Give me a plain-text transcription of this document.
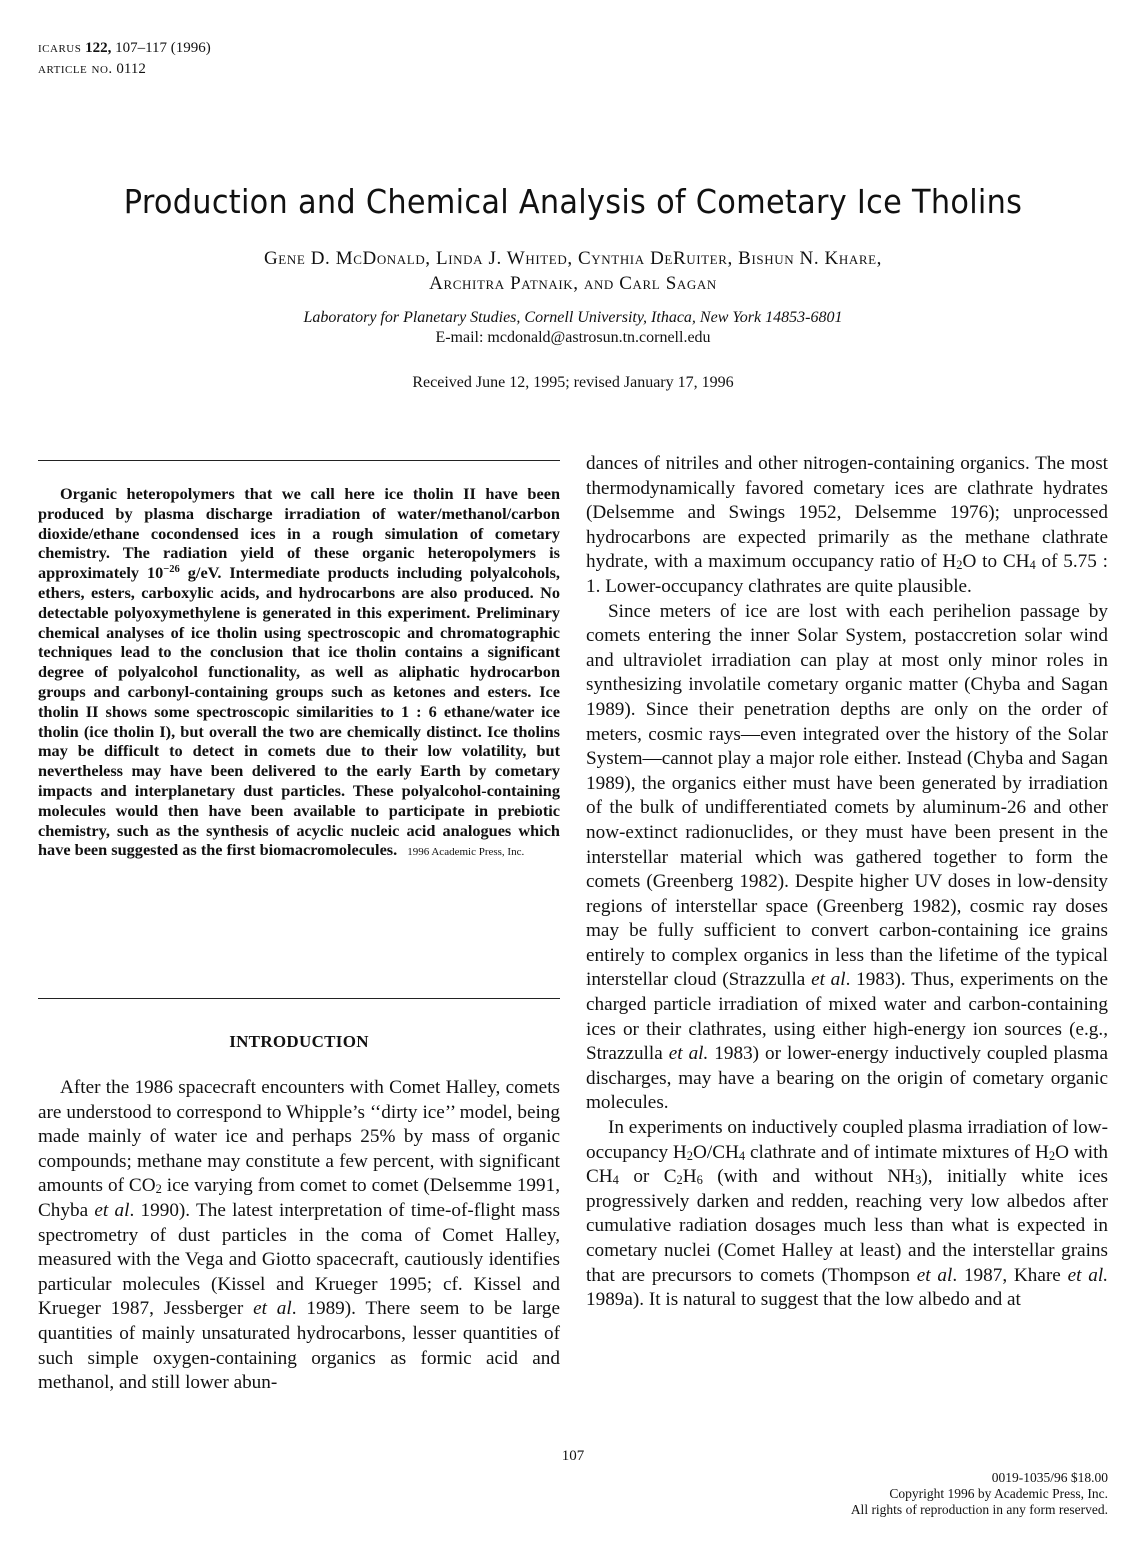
icarus 122, 107–117 (1996)
article no. 0112
Production and Chemical Analysis of Cometary Ice Tholins
Gene D. McDonald, Linda J. Whited, Cynthia DeRuiter, Bishun N. Khare,
Architra Patnaik, and Carl Sagan
Laboratory for Planetary Studies, Cornell University, Ithaca, New York 14853-6801
E-mail: mcdonald@astrosun.tn.cornell.edu
Received June 12, 1995; revised January 17, 1996

Organic heteropolymers that we call here ice tholin II have been produced by plasma discharge irradiation of water/methanol/carbon dioxide/ethane cocondensed ices in a rough simulation of cometary chemistry. The radiation yield of these organic heteropolymers is approximately $10^{-26}$ g/eV. Intermediate products including polyalcohols, ethers, esters, carboxylic acids, and hydrocarbons are also produced. No detectable polyoxymethylene is generated in this experiment. Preliminary chemical analyses of ice tholin using spectroscopic and chromatographic techniques lead to the conclusion that ice tholin contains a significant degree of polyalcohol functionality, as well as aliphatic hydrocarbon groups and carbonyl-containing groups such as ketones and esters. Ice tholin II shows some spectroscopic similarities to 1 : 6 ethane/water ice tholin (ice tholin I), but overall the two are chemically distinct. Ice tholins may be difficult to detect in comets due to their low volatility, but nevertheless may have been delivered to the early Earth by cometary impacts and interplanetary dust particles. These polyalcohol-containing molecules would then have been available to participate in prebiotic chemistry, such as the synthesis of acyclic nucleic acid analogues which have been suggested as the first biomacromolecules. 1996 Academic Press, Inc.

INTRODUCTION

After the 1986 spacecraft encounters with Comet Halley, comets are understood to correspond to Whipple’s ‘‘dirty ice’’ model, being made mainly of water ice and perhaps 25% by mass of organic compounds; methane may constitute a few percent, with significant amounts of $CO_2$ ice varying from comet to comet (Delsemme 1991, Chyba et al. 1990). The latest interpretation of time-of-flight mass spectrometry of dust particles in the coma of Comet Halley, measured with the Vega and Giotto spacecraft, cautiously identifies particular molecules (Kissel and Krueger 1995; cf. Kissel and Krueger 1987, Jessberger et al. 1989). There seem to be large quantities of mainly unsaturated hydrocarbons, lesser quantities of such simple oxygen-containing organics as formic acid and methanol, and still lower abun-

dances of nitriles and other nitrogen-containing organics. The most thermodynamically favored cometary ices are clathrate hydrates (Delsemme and Swings 1952, Delsemme 1976); unprocessed hydrocarbons are expected primarily as the methane clathrate hydrate, with a maximum occupancy ratio of $H_2O$ to $CH_4$ of 5.75 : 1. Lower-occupancy clathrates are quite plausible.

Since meters of ice are lost with each perihelion passage by comets entering the inner Solar System, postaccretion solar wind and ultraviolet irradiation can play at most only minor roles in synthesizing involatile cometary organic matter (Chyba and Sagan 1989). Since their penetration depths are only on the order of meters, cosmic rays—even integrated over the history of the Solar System—cannot play a major role either. Instead (Chyba and Sagan 1989), the organics either must have been generated by irradiation of the bulk of undifferentiated comets by aluminum-26 and other now-extinct radionuclides, or they must have been present in the interstellar material which was gathered together to form the comets (Greenberg 1982). Despite higher UV doses in low-density regions of interstellar space (Greenberg 1982), cosmic ray doses may be fully sufficient to convert carbon-containing ice grains entirely to complex organics in less than the lifetime of the typical interstellar cloud (Strazzulla et al. 1983). Thus, experiments on the charged particle irradiation of mixed water and carbon-containing ices or their clathrates, using either high-energy ion sources (e.g., Strazzulla et al. 1983) or lower-energy inductively coupled plasma discharges, may have a bearing on the origin of cometary organic molecules.

In experiments on inductively coupled plasma irradiation of low-occupancy $H_2O/CH_4$ clathrate and of intimate mixtures of $H_2O$ with $CH_4$ or $C_2H_6$ (with and without $NH_3$), initially white ices progressively darken and redden, reaching very low albedos after cumulative radiation dosages much less than what is expected in cometary nuclei (Comet Halley at least) and the interstellar grains that are precursors to comets (Thompson et al. 1987, Khare et al. 1989a). It is natural to suggest that the low albedo and at

107
0019-1035/96 $18.00
Copyright 1996 by Academic Press, Inc.
All rights of reproduction in any form reserved.
